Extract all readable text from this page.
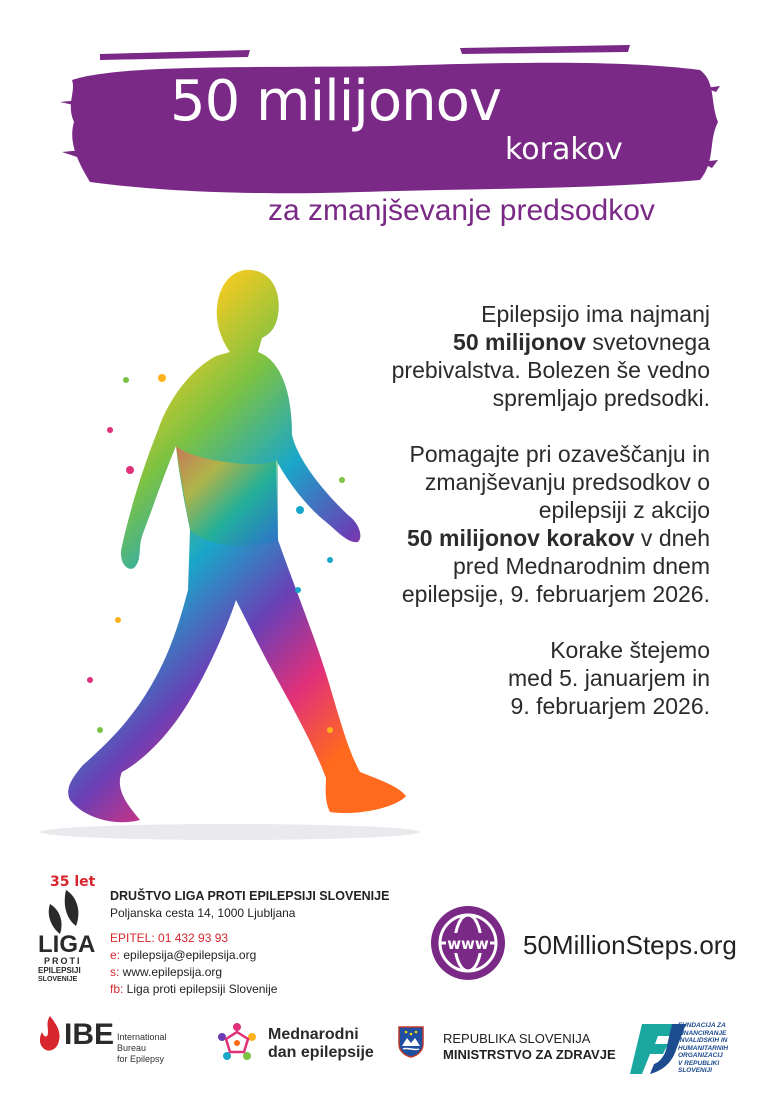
50 milijonov
korakov
za zmanjševanje predsodkov

Epilepsijo ima najmanj
50 milijonov svetovnega
prebivalstva. Bolezen še vedno
spremljajo predsodki.

Pomagajte pri ozaveščanju in
zmanjševanju predsodkov o
epilepsiji z akcijo
50 milijonov korakov v dneh
pred Mednarodnim dnem
epilepsije, 9. februarjem 2026.

Korake štejemo
med 5. januarjem in
9. februarjem 2026.

35 let
LIGA
PROTI
EPILEPSIJI
SLOVENIJE
DRUŠTVO LIGA PROTI EPILEPSIJI SLOVENIJE
Poljanska cesta 14, 1000 Ljubljana
EPITEL: 01 432 93 93
e: epilepsija@epilepsija.org
s: www.epilepsija.org
fb: Liga proti epilepsiji Slovenije
www 50MillionSteps.org
IBE International Bureau
for Epilepsy
Mednarodni
dan epilepsije
REPUBLIKA SLOVENIJA
MINISTRSTVO ZA ZDRAVJE
FUNDACIJA ZA
FINANCIRANJE
INVALIDSKIH IN
HUMANITARNIH
ORGANIZACIJ
V REPUBLIKI
SLOVENIJI
